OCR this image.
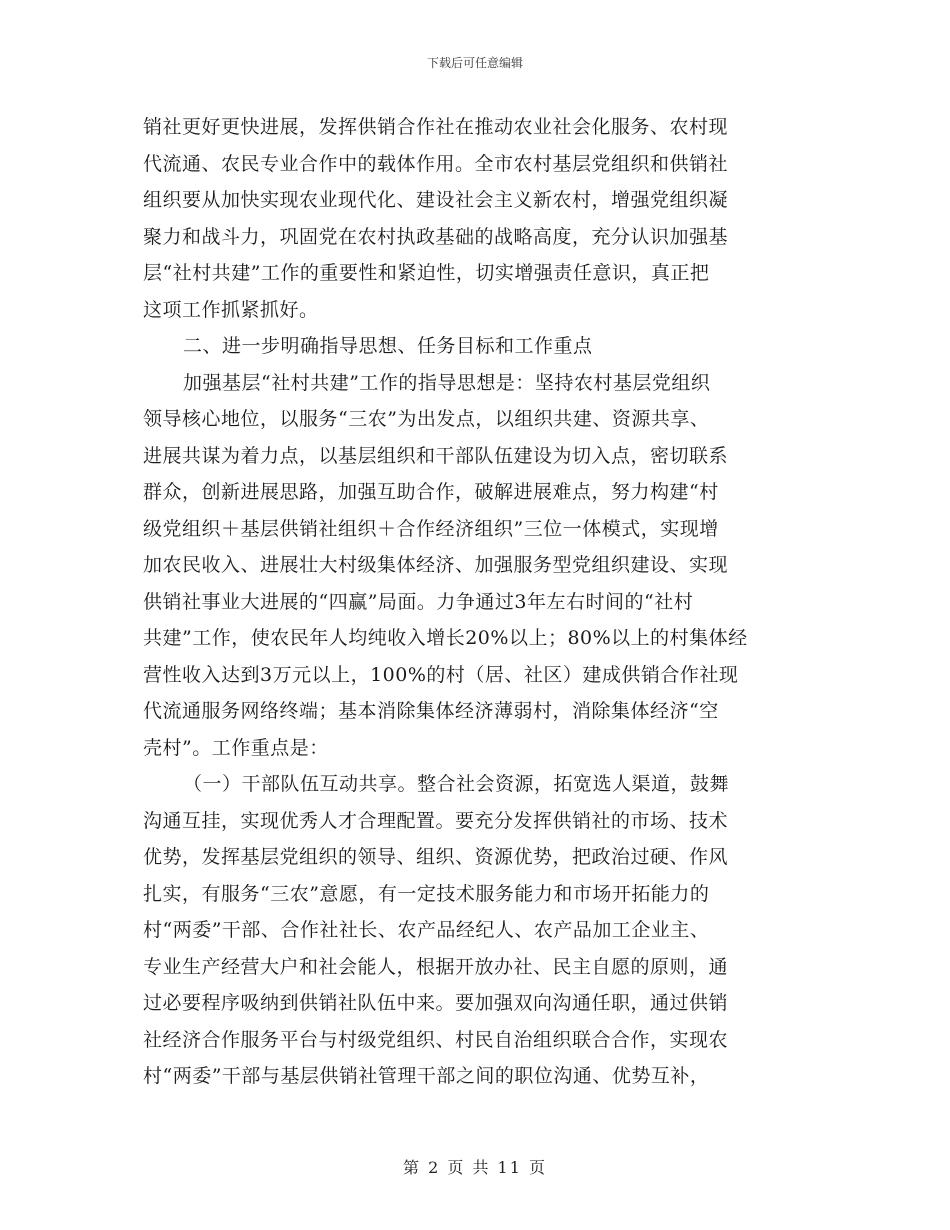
下载后可任意编辑
销社更好更快进展，发挥供销合作社在推动农业社会化服务、农村现
代流通、农民专业合作中的载体作用。全市农村基层党组织和供销社
组织要从加快实现农业现代化、建设社会主义新农村，增强党组织凝
聚力和战斗力，巩固党在农村执政基础的战略高度，充分认识加强基
层“社村共建”工作的重要性和紧迫性，切实增强责任意识，真正把
这项工作抓紧抓好。
二、进一步明确指导思想、任务目标和工作重点
加强基层“社村共建”工作的指导思想是：坚持农村基层党组织
领导核心地位，以服务“三农”为出发点，以组织共建、资源共享、
进展共谋为着力点，以基层组织和干部队伍建设为切入点，密切联系
群众，创新进展思路，加强互助合作，破解进展难点，努力构建“村
级党组织＋基层供销社组织＋合作经济组织”三位一体模式，实现增
加农民收入、进展壮大村级集体经济、加强服务型党组织建设、实现
供销社事业大进展的“四赢”局面。力争通过3年左右时间的“社村
共建”工作，使农民年人均纯收入增长20%以上；80%以上的村集体经
营性收入达到3万元以上，100%的村（居、社区）建成供销合作社现
代流通服务网络终端；基本消除集体经济薄弱村，消除集体经济“空
壳村”。工作重点是：
（一）干部队伍互动共享。整合社会资源，拓宽选人渠道，鼓舞
沟通互挂，实现优秀人才合理配置。要充分发挥供销社的市场、技术
优势，发挥基层党组织的领导、组织、资源优势，把政治过硬、作风
扎实，有服务“三农”意愿，有一定技术服务能力和市场开拓能力的
村“两委”干部、合作社社长、农产品经纪人、农产品加工企业主、
专业生产经营大户和社会能人，根据开放办社、民主自愿的原则，通
过必要程序吸纳到供销社队伍中来。要加强双向沟通任职，通过供销
社经济合作服务平台与村级党组织、村民自治组织联合合作，实现农
村“两委”干部与基层供销社管理干部之间的职位沟通、优势互补，
第 2 页 共 11 页
